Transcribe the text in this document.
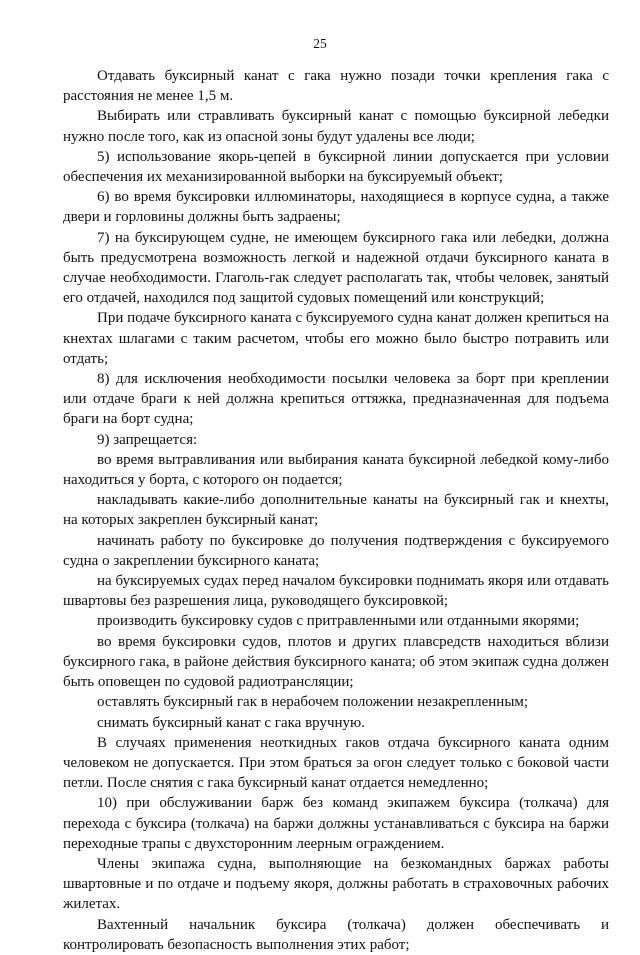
25

Отдавать буксирный канат с гака нужно позади точки крепления гака с расстояния не менее 1,5 м.

Выбирать или стравливать буксирный канат с помощью буксирной лебедки нужно после того, как из опасной зоны будут удалены все люди;

5) использование якорь-цепей в буксирной линии допускается при условии обеспечения их механизированной выборки на буксируемый объект;

6) во время буксировки иллюминаторы, находящиеся в корпусе судна, а также двери и горловины должны быть задраены;

7) на буксирующем судне, не имеющем буксирного гака или лебедки, должна быть предусмотрена возможность легкой и надежной отдачи буксирного каната в случае необходимости. Глаголь-гак следует располагать так, чтобы человек, занятый его отдачей, находился под защитой судовых помещений или конструкций;

При подаче буксирного каната с буксируемого судна канат должен крепиться на кнехтах шлагами с таким расчетом, чтобы его можно было быстро потравить или отдать;

8) для исключения необходимости посылки человека за борт при креплении или отдаче браги к ней должна крепиться оттяжка, предназначенная для подъема браги на борт судна;

9) запрещается:

во время вытравливания или выбирания каната буксирной лебедкой кому-либо находиться у борта, с которого он подается;

накладывать какие-либо дополнительные канаты на буксирный гак и кнехты, на которых закреплен буксирный канат;

начинать работу по буксировке до получения подтверждения с буксируемого судна о закреплении буксирного каната;

на буксируемых судах перед началом буксировки поднимать якоря или отдавать швартовы без разрешения лица, руководящего буксировкой;

производить буксировку судов с притравленными или отданными якорями;

во время буксировки судов, плотов и других плавсредств находиться вблизи буксирного гака, в районе действия буксирного каната; об этом экипаж судна должен быть оповещен по судовой радиотрансляции;

оставлять буксирный гак в нерабочем положении незакрепленным;

снимать буксирный канат с гака вручную.

В случаях применения неоткидных гаков отдача буксирного каната одним человеком не допускается. При этом браться за огон следует только с боковой части петли. После снятия с гака буксирный канат отдается немедленно;

10) при обслуживании барж без команд экипажем буксира (толкача) для перехода с буксира (толкача) на баржи должны устанавливаться с буксира на баржи переходные трапы с двухсторонним леерным ограждением.

Члены экипажа судна, выполняющие на безкомандных баржах работы швартовные и по отдаче и подъему якоря, должны работать в страховочных рабочих жилетах.

Вахтенный начальник буксира (толкача) должен обеспечивать и контролировать безопасность выполнения этих работ;
